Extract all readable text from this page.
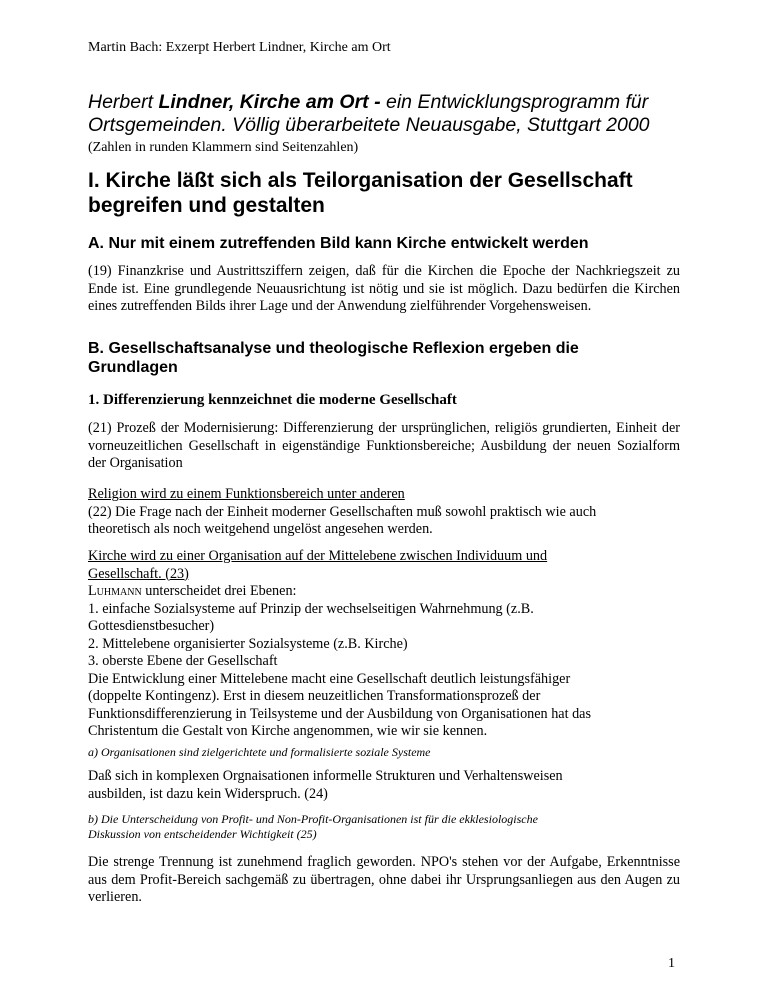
Martin Bach: Exzerpt Herbert Lindner, Kirche am Ort
Herbert Lindner, Kirche am Ort - ein Entwicklungsprogramm für
Ortsgemeinden. Völlig überarbeitete Neuausgabe, Stuttgart 2000
(Zahlen in runden Klammern sind Seitenzahlen)
I. Kirche läßt sich als Teilorganisation der Gesellschaft
begreifen und gestalten
A. Nur mit einem zutreffenden Bild kann Kirche entwickelt werden
(19) Finanzkrise und Austrittsziffern zeigen, daß für die Kirchen die Epoche der Nachkriegszeit zu Ende ist. Eine grundlegende Neuausrichtung ist nötig und sie ist möglich. Dazu bedürfen die Kirchen eines zutreffenden Bilds ihrer Lage und der Anwendung zielführender Vorgehensweisen.
B. Gesellschaftsanalyse und theologische Reflexion ergeben die
Grundlagen
1. Differenzierung kennzeichnet die moderne Gesellschaft
(21) Prozeß der Modernisierung: Differenzierung der ursprünglichen, religiös grundierten, Einheit der vorneuzeitlichen Gesellschaft in eigenständige Funktionsbereiche; Ausbildung der neuen Sozialform der Organisation
Religion wird zu einem Funktionsbereich unter anderen
(22) Die Frage nach der Einheit moderner Gesellschaften muß sowohl praktisch wie auch
theoretisch als noch weitgehend ungelöst angesehen werden.
Kirche wird zu einer Organisation auf der Mittelebene zwischen Individuum und
Gesellschaft. (23)
Luhmann unterscheidet drei Ebenen:
1. einfache Sozialsysteme auf Prinzip der wechselseitigen Wahrnehmung (z.B.
Gottesdienstbesucher)
2. Mittelebene organisierter Sozialsysteme (z.B. Kirche)
3. oberste Ebene der Gesellschaft
Die Entwicklung einer Mittelebene macht eine Gesellschaft deutlich leistungsfähiger
(doppelte Kontingenz). Erst in diesem neuzeitlichen Transformationsprozeß der
Funktionsdifferenzierung in Teilsysteme und der Ausbildung von Organisationen hat das
Christentum die Gestalt von Kirche angenommen, wie wir sie kennen.
a) Organisationen sind zielgerichtete und formalisierte soziale Systeme
Daß sich in komplexen Orgnaisationen informelle Strukturen und Verhaltensweisen
ausbilden, ist dazu kein Widerspruch. (24)
b) Die Unterscheidung von Profit- und Non-Profit-Organisationen ist für die ekklesiologische
Diskussion von entscheidender Wichtigkeit (25)
Die strenge Trennung ist zunehmend fraglich geworden. NPO's stehen vor der Aufgabe, Erkenntnisse aus dem Profit-Bereich sachgemäß zu übertragen, ohne dabei ihr Ursprungsanliegen aus den Augen zu verlieren.
1
